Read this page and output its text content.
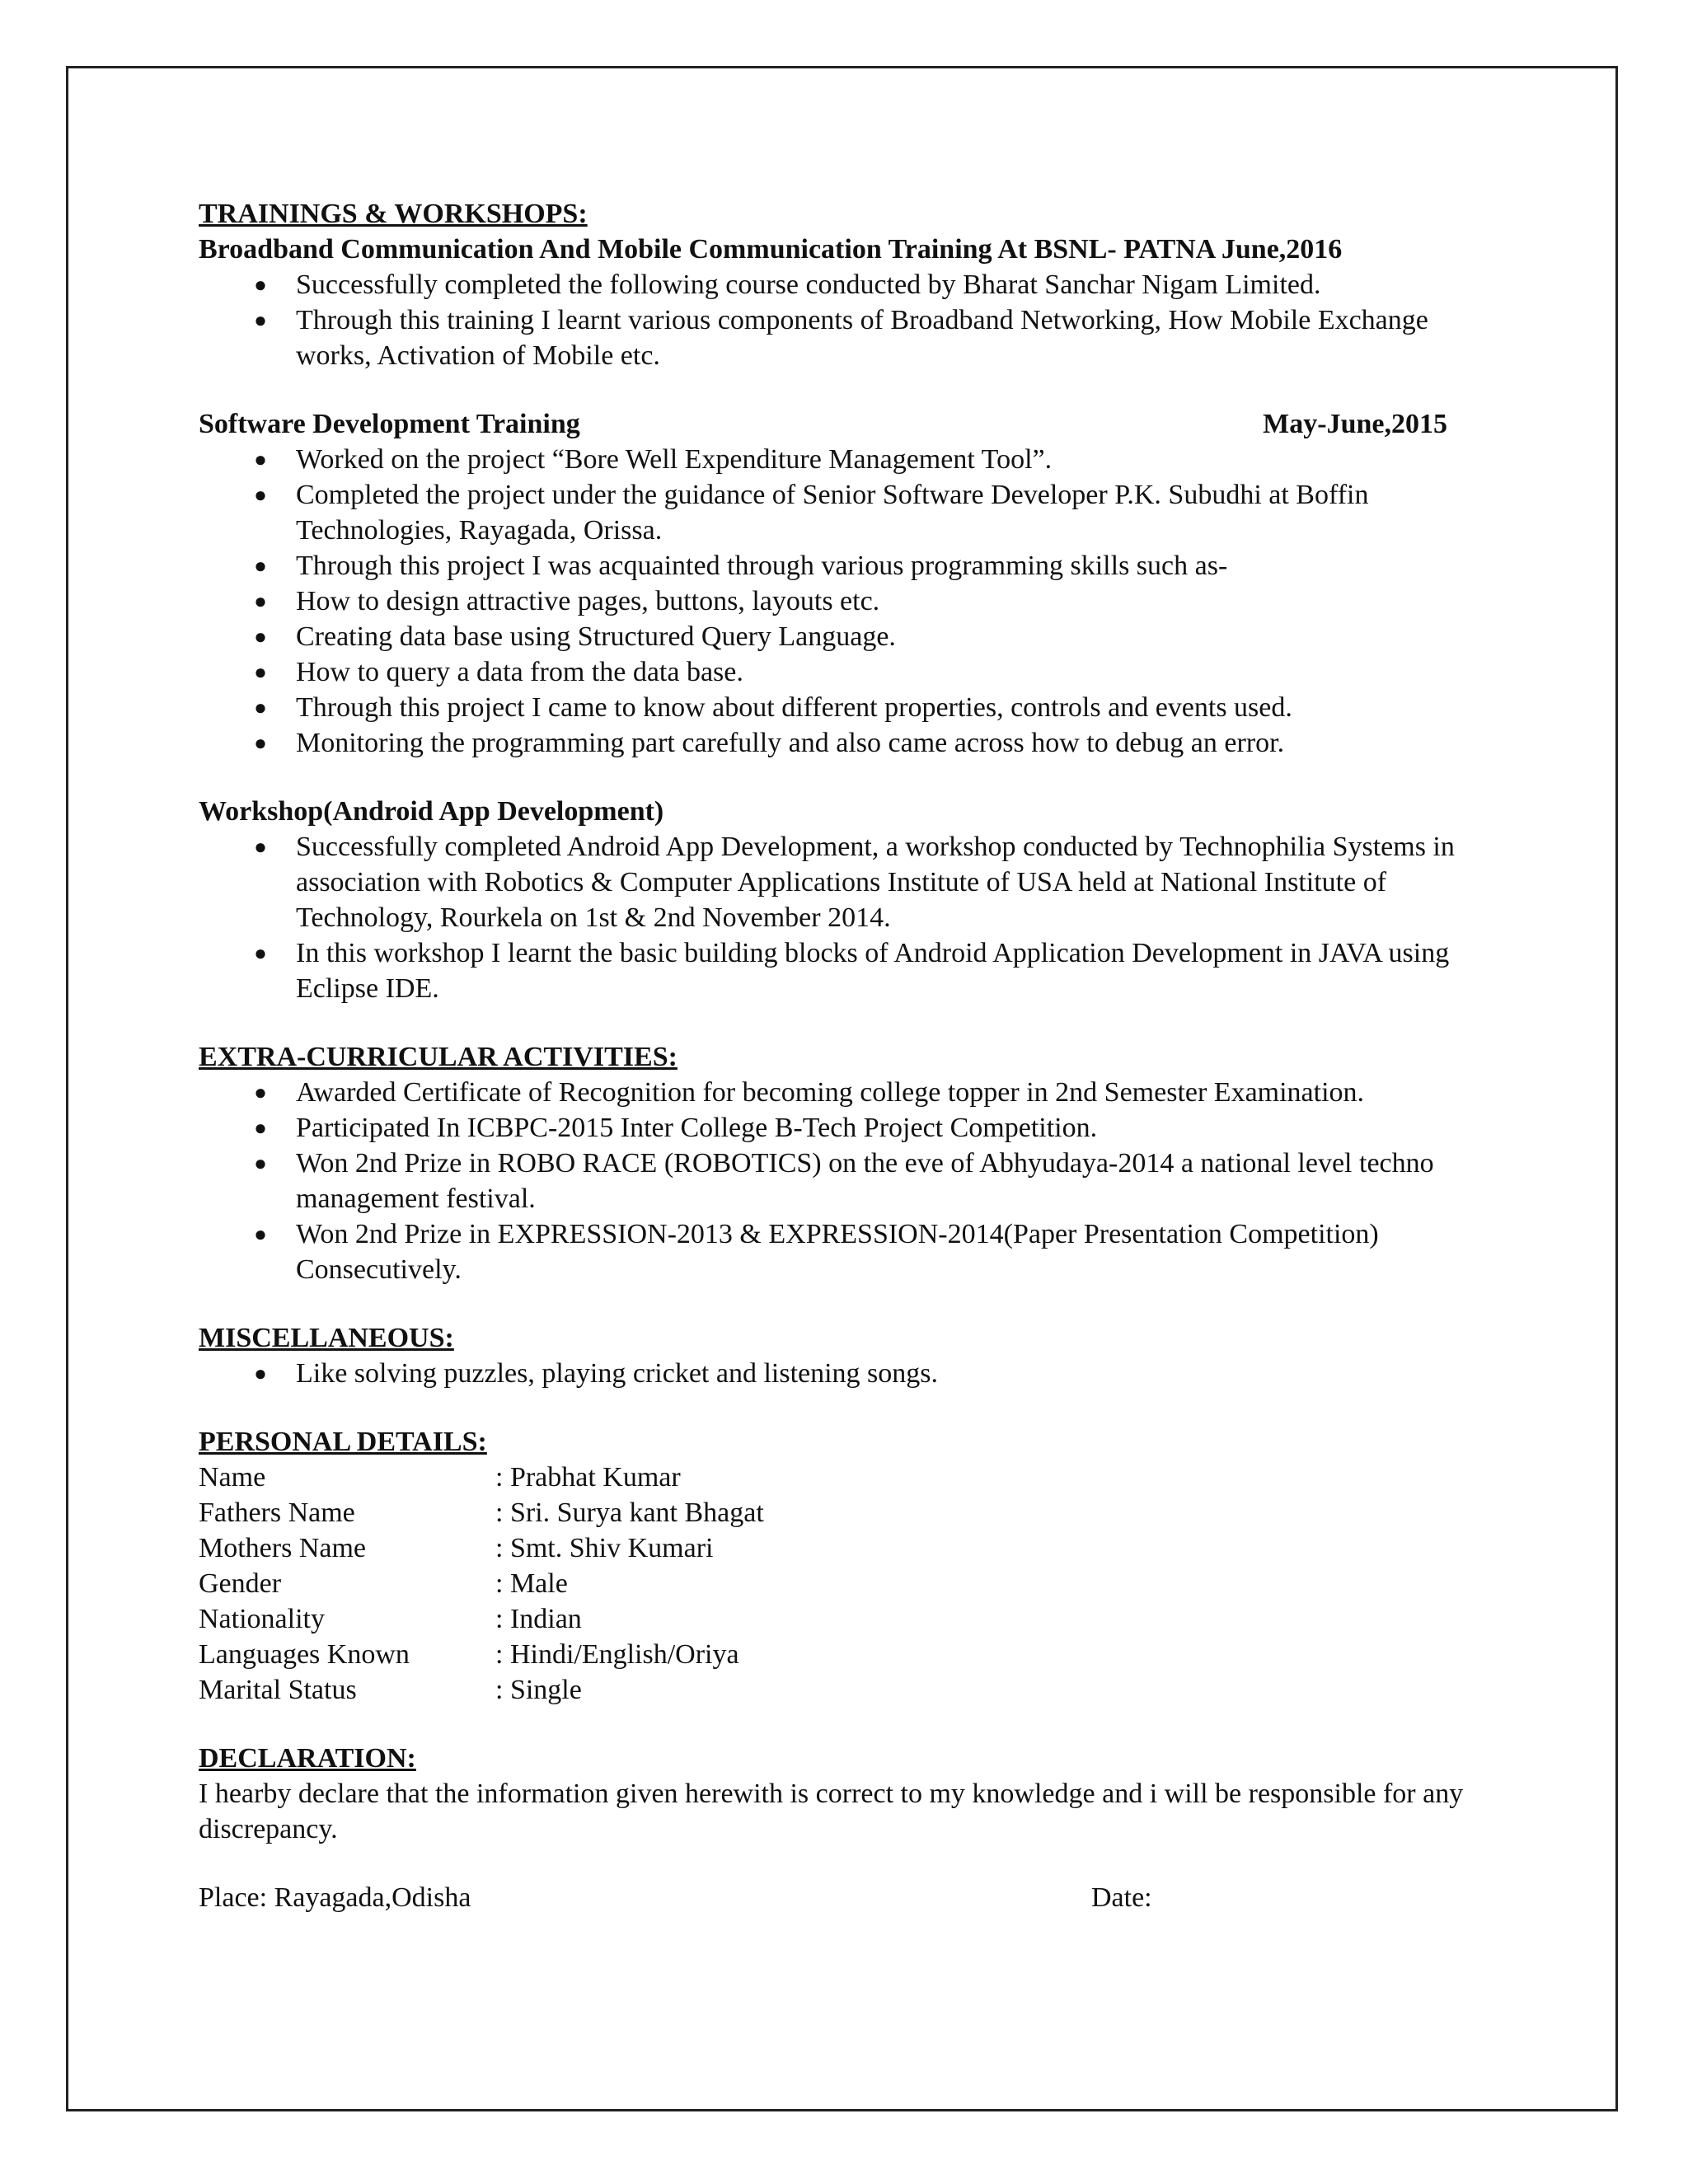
TRAININGS & WORKSHOPS:
Broadband Communication And Mobile Communication Training At BSNL- PATNA June,2016
● Successfully completed the following course conducted by Bharat Sanchar Nigam Limited.
● Through this training I learnt various components of Broadband Networking, How Mobile Exchange works, Activation of Mobile etc.
Software Development Training	May-June,2015
● Worked on the project “Bore Well Expenditure Management Tool”.
● Completed the project under the guidance of Senior Software Developer P.K. Subudhi at Boffin Technologies, Rayagada, Orissa.
● Through this project I was acquainted through various programming skills such as-
● How to design attractive pages, buttons, layouts etc.
● Creating data base using Structured Query Language.
● How to query a data from the data base.
● Through this project I came to know about different properties, controls and events used.
● Monitoring the programming part carefully and also came across how to debug an error.
Workshop(Android App Development)
● Successfully completed Android App Development, a workshop conducted by Technophilia Systems in association with Robotics & Computer Applications Institute of USA held at National Institute of Technology, Rourkela on 1st & 2nd November 2014.
● In this workshop I learnt the basic building blocks of Android Application Development in JAVA using Eclipse IDE.
EXTRA-CURRICULAR ACTIVITIES:
● Awarded Certificate of Recognition for becoming college topper in 2nd Semester Examination.
● Participated In ICBPC-2015 Inter College B-Tech Project Competition.
● Won 2nd Prize in ROBO RACE (ROBOTICS) on the eve of Abhyudaya-2014 a national level techno management festival.
● Won 2nd Prize in EXPRESSION-2013 & EXPRESSION-2014(Paper Presentation Competition) Consecutively.
MISCELLANEOUS:
● Like solving puzzles, playing cricket and listening songs.
PERSONAL DETAILS:
Name	: Prabhat Kumar
Fathers Name	: Sri. Surya kant Bhagat
Mothers Name	: Smt. Shiv Kumari
Gender	: Male
Nationality	: Indian
Languages Known	: Hindi/English/Oriya
Marital Status	: Single
DECLARATION:
I hearby declare that the information given herewith is correct to my knowledge and i will be responsible for any discrepancy.
Place: Rayagada,Odisha	Date:
